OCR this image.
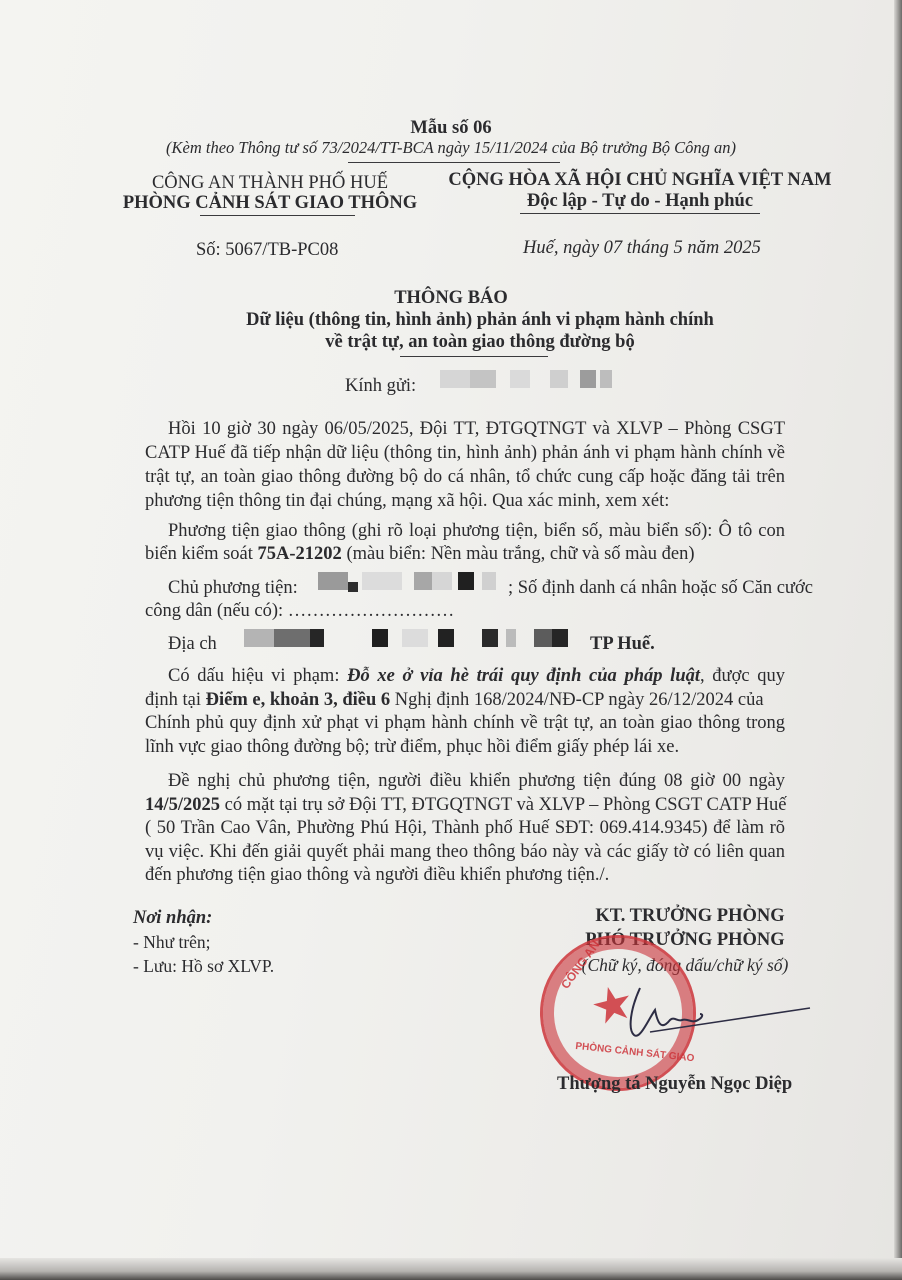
Mẫu số 06
(Kèm theo Thông tư số 73/2024/TT-BCA ngày 15/11/2024 của Bộ trưởng Bộ Công an)
CÔNG AN THÀNH PHỐ HUẾ
PHÒNG CẢNH SÁT GIAO THÔNG
Số: 5067/TB-PC08
CỘNG HÒA XÃ HỘI CHỦ NGHĨA VIỆT NAM
Độc lập - Tự do - Hạnh phúc
Huế, ngày 07 tháng 5 năm 2025
THÔNG BÁO
Dữ liệu (thông tin, hình ảnh) phản ánh vi phạm hành chính
về trật tự, an toàn giao thông đường bộ
Kính gửi:
Hồi 10 giờ 30 ngày 06/05/2025, Đội TT, ĐTGQTNGT và XLVP – Phòng CSGT
CATP Huế đã tiếp nhận dữ liệu (thông tin, hình ảnh) phản ánh vi phạm hành chính về
trật tự, an toàn giao thông đường bộ do cá nhân, tổ chức cung cấp hoặc đăng tải trên
phương tiện thông tin đại chúng, mạng xã hội. Qua xác minh, xem xét:
Phương tiện giao thông (ghi rõ loại phương tiện, biển số, màu biển số): Ô tô con
biển kiểm soát 75A-21202 (màu biển: Nền màu trắng, chữ và số màu đen)
Chủ phương tiện:	; Số định danh cá nhân hoặc số Căn cước
công dân (nếu có): ………………………
Địa ch	TP Huế.
Có dấu hiệu vi phạm: Đỗ xe ở vỉa hè trái quy định của pháp luật, được quy
định tại Điểm e, khoản 3, điều 6 Nghị định 168/2024/NĐ-CP ngày 26/12/2024 của
Chính phủ quy định xử phạt vi phạm hành chính về trật tự, an toàn giao thông trong
lĩnh vực giao thông đường bộ; trừ điểm, phục hồi điểm giấy phép lái xe.
Đề nghị chủ phương tiện, người điều khiển phương tiện đúng 08 giờ 00 ngày
14/5/2025 có mặt tại trụ sở Đội TT, ĐTGQTNGT và XLVP – Phòng CSGT CATP Huế
( 50 Trần Cao Vân, Phường Phú Hội, Thành phố Huế SĐT: 069.414.9345) để làm rõ
vụ việc. Khi đến giải quyết phải mang theo thông báo này và các giấy tờ có liên quan
đến phương tiện giao thông và người điều khiển phương tiện./.
Nơi nhận:
- Như trên;
- Lưu: Hồ sơ XLVP.
KT. TRƯỞNG PHÒNG
PHÓ TRƯỞNG PHÒNG
(Chữ ký, đóng dấu/chữ ký số)
CÔNG AN
★
PHÒNG CẢNH SÁT GIAO
Thượng tá Nguyễn Ngọc Diệp
